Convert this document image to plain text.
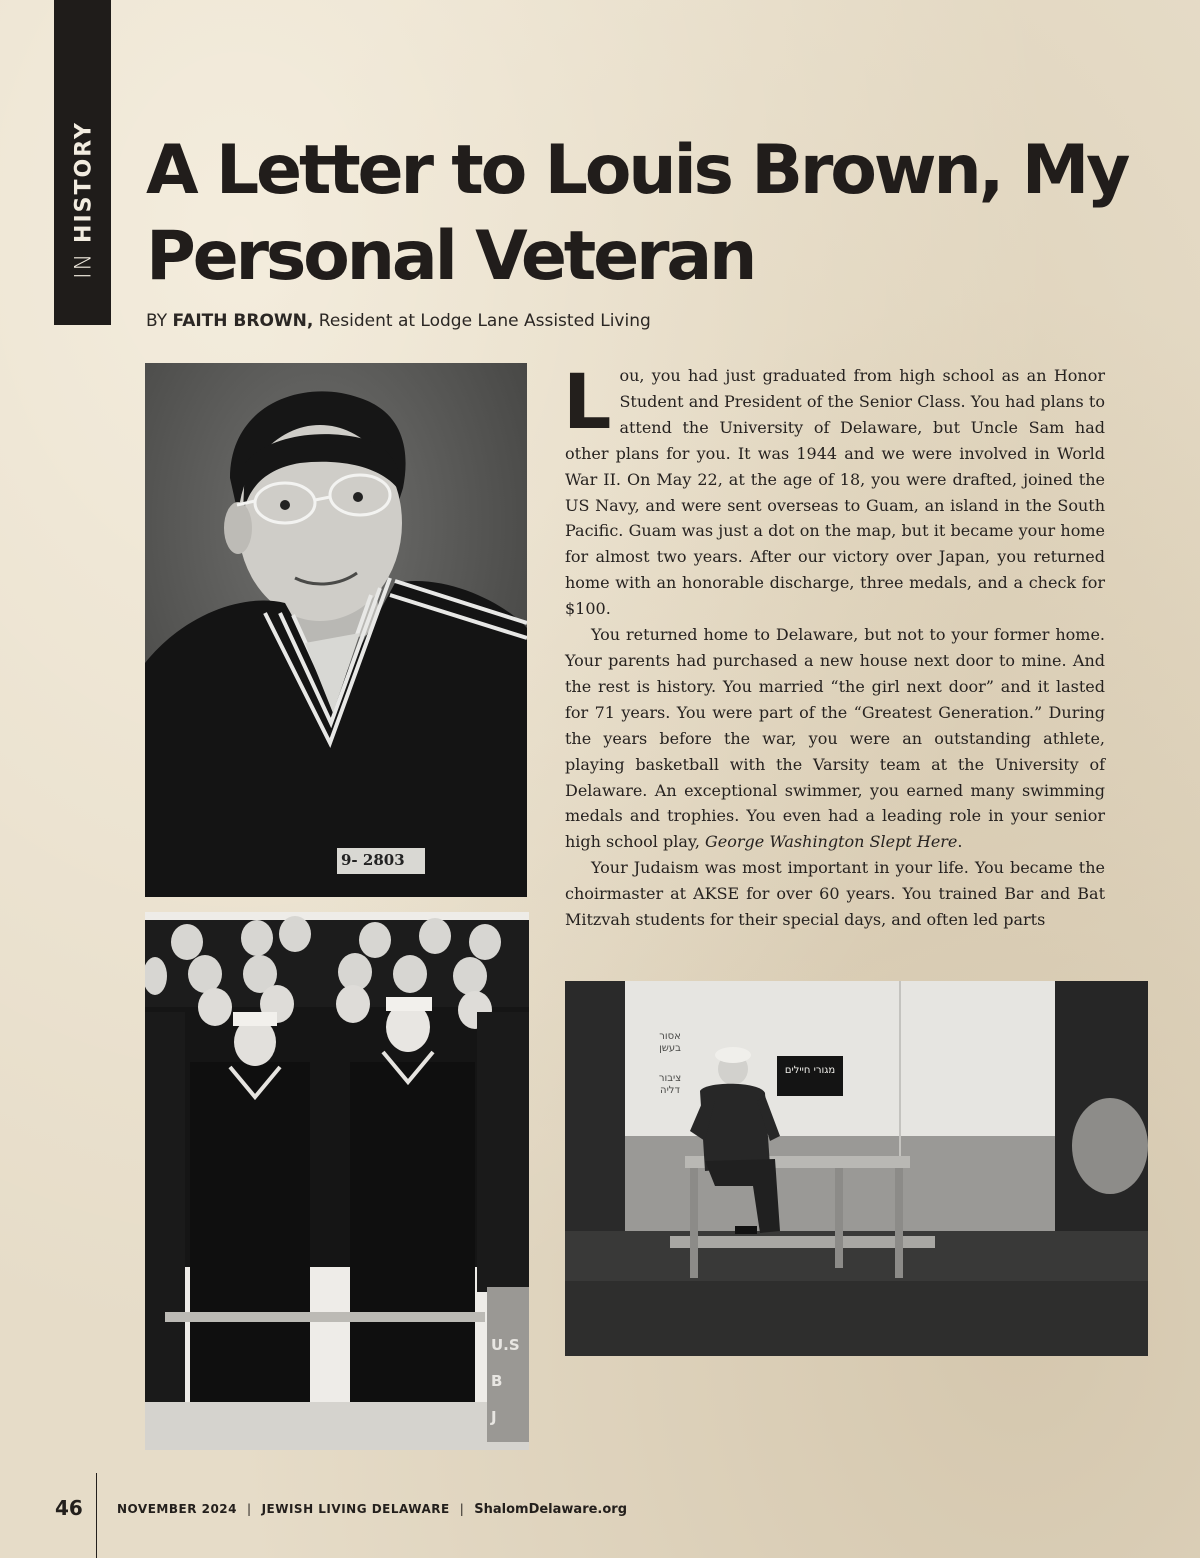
IN HISTORY A Letter to Louis Brown, My Personal Veteran
BY FAITH BROWN, Resident at Lodge Lane Assisted Living
9- 2803
U.S
B
J
מגורי חיילים
אסור בעשן
ציבור דליה

Lou, you had just graduated from high school as an Honor Student and President of the Senior Class. You had plans to attend the University of Delaware, but Uncle Sam had other plans for you. It was 1944 and we were involved in World War II. On May 22, at the age of 18, you were drafted, joined the US Navy, and were sent overseas to Guam, an island in the South Pacific. Guam was just a dot on the map, but it became your home for almost two years. After our victory over Japan, you returned home with an honorable discharge, three medals, and a check for $100.

You returned home to Delaware, but not to your former home. Your parents had purchased a new house next door to mine. And the rest is history. You married “the girl next door” and it lasted for 71 years. You were part of the “Greatest Generation.” During the years before the war, you were an outstanding athlete, playing basketball with the Varsity team at the University of Delaware. An exceptional swimmer, you earned many swimming medals and trophies. You even had a leading role in your senior high school play, George Washington Slept Here.

Your Judaism was most important in your life. You became the choirmaster at AKSE for over 60 years. You trained Bar and Bat Mitzvah students for their special days, and often led parts

46	NOVEMBER 2024 | JEWISH LIVING DELAWARE | ShalomDelaware.org
